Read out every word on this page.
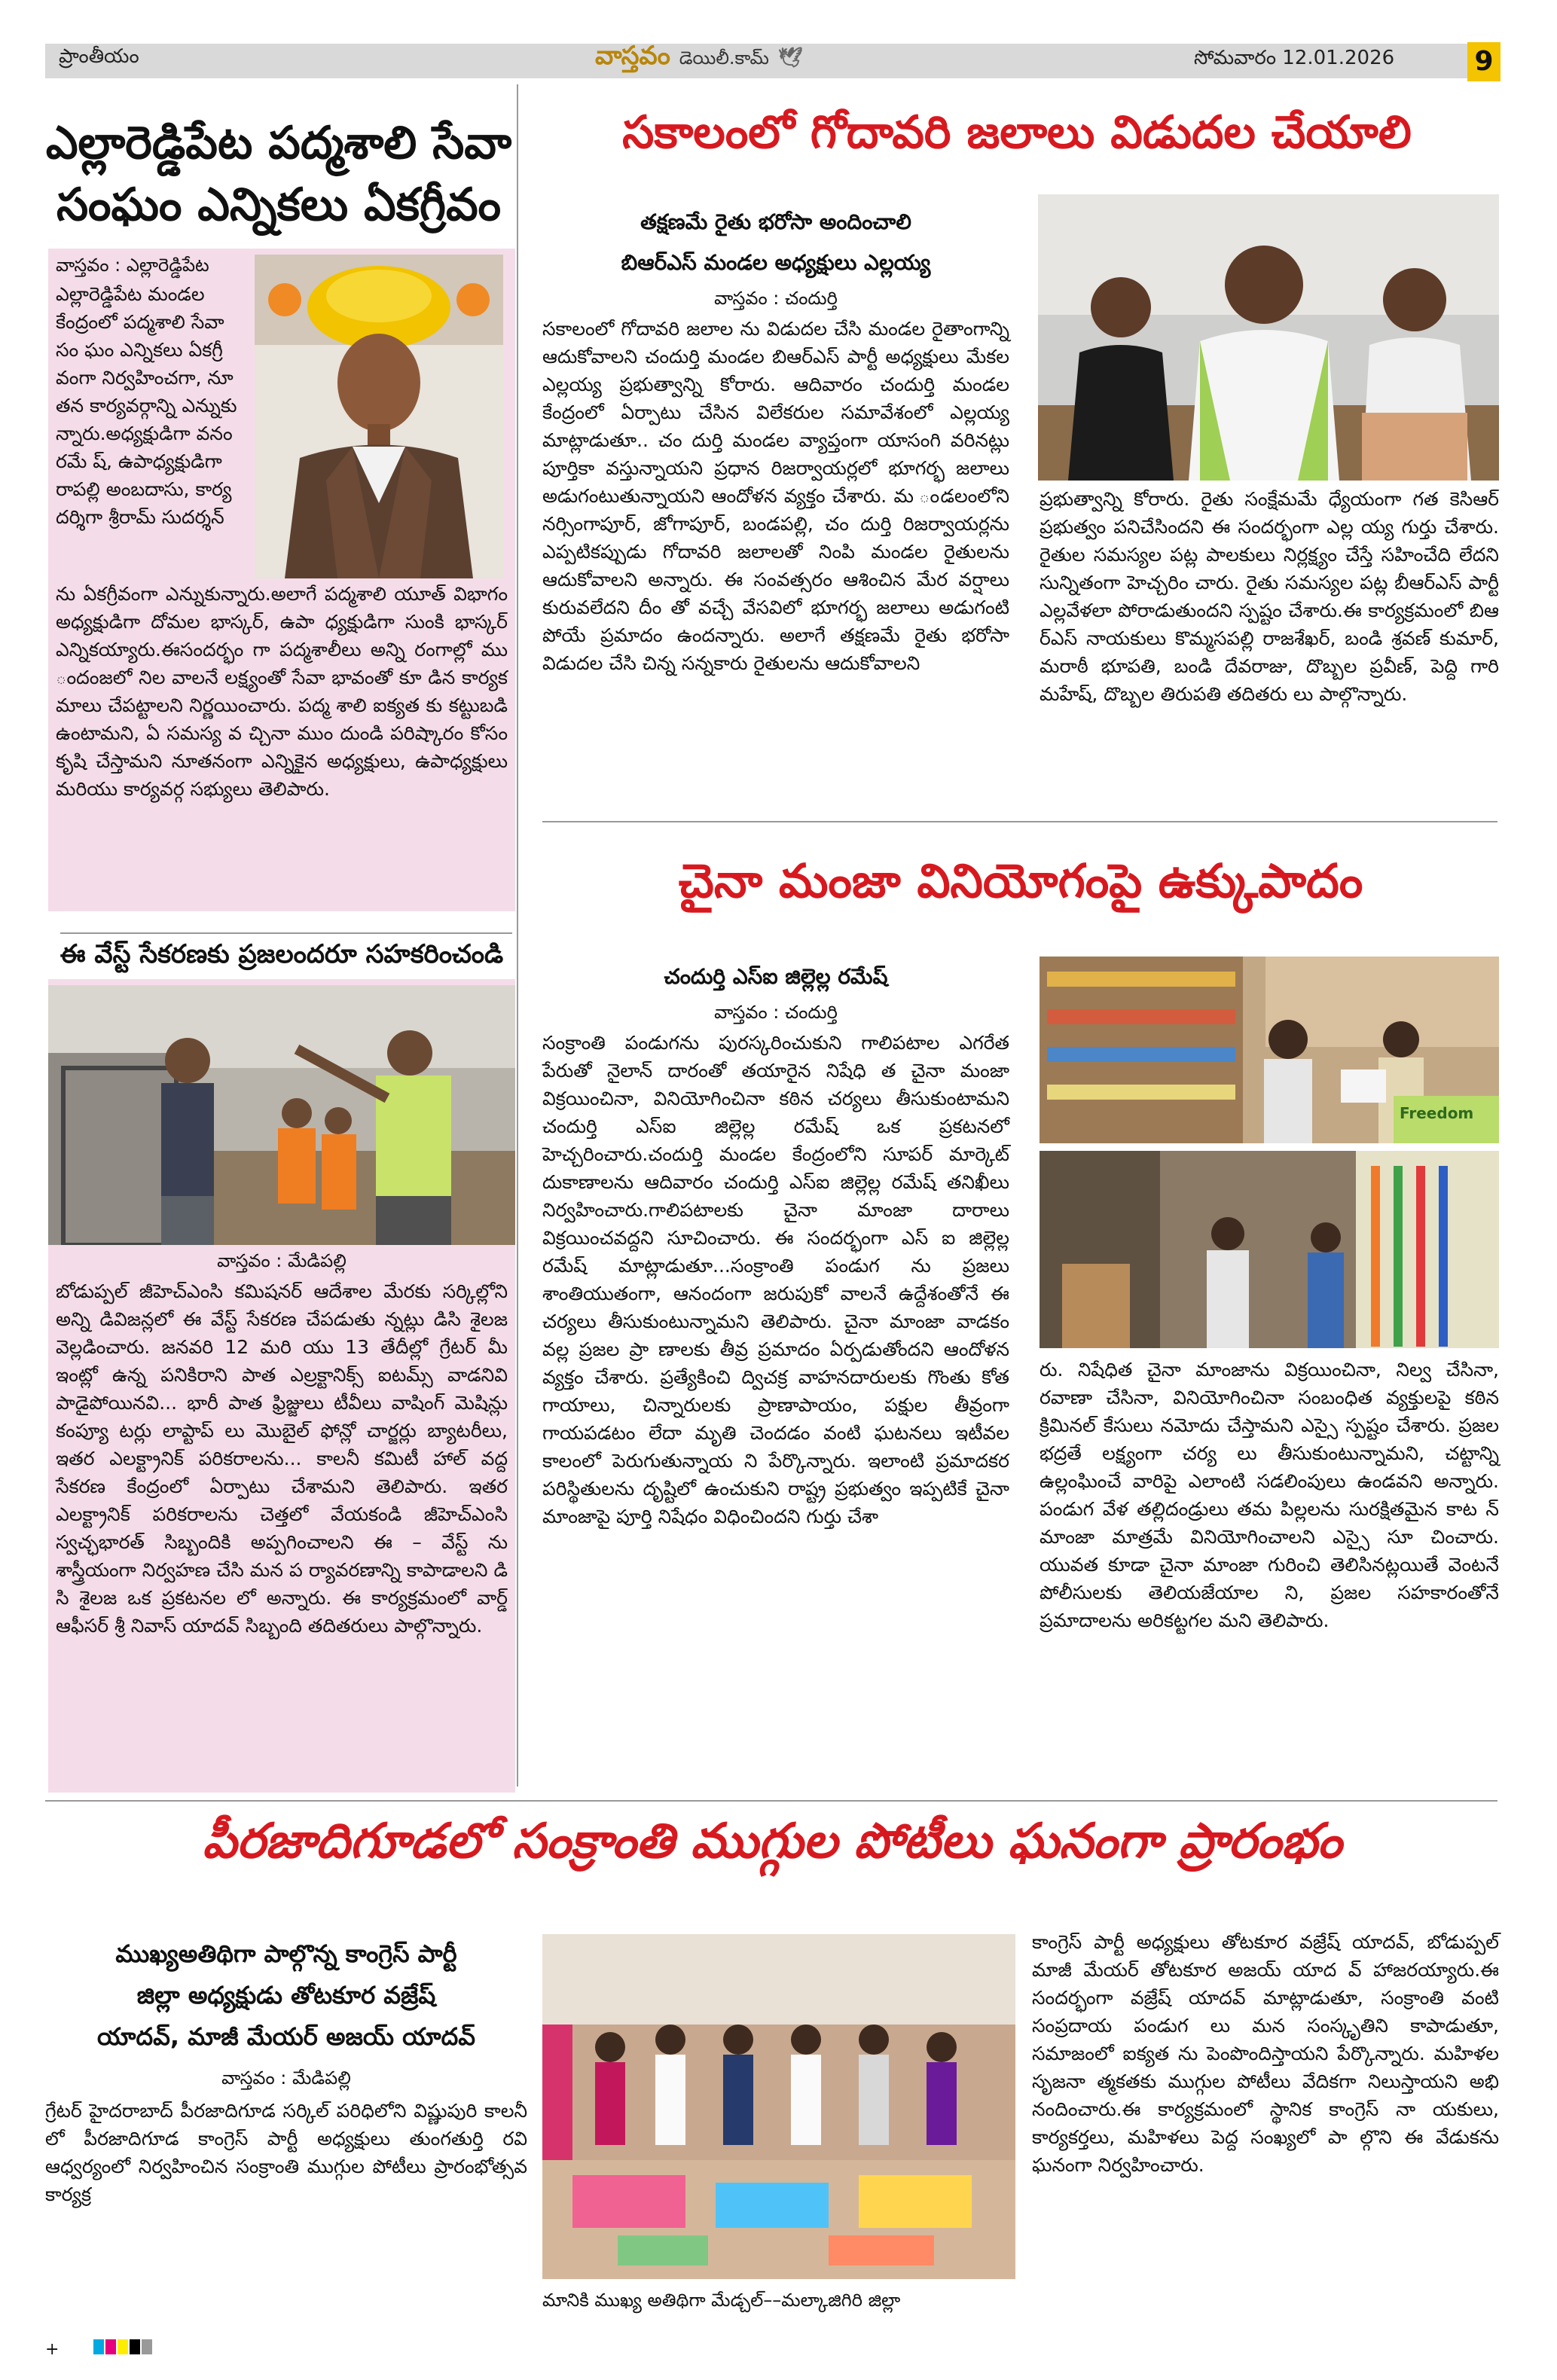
ప్రాంతీయం	వాస్తవం డెయిలీ.కామ్ 🕊	సోమవారం 12.01.2026	9
ఎల్లారెడ్డిపేట పద్మశాలి సేవా
సంఘం ఎన్నికలు ఏకగ్రీవం
వాస్తవం : ఎల్లారెడ్డిపేట
ఎల్లారెడ్డిపేట మండల కేంద్రంలో పద్మశాలి సేవా సం ఘం ఎన్నికలు ఏకగ్రీ వంగా నిర్వహించగా, నూ తన కార్యవర్గాన్ని ఎన్నుకు న్నారు.అధ్యక్షుడిగా వనం రమే ష్, ఉపాధ్యక్షుడిగా రాపల్లి అంబదాసు, కార్య దర్శిగా శ్రీరామ్ సుదర్శన్
ను ఏకగ్రీవంగా ఎన్నుకున్నారు.అలాగే పద్మశాలి యూత్ విభాగం అధ్యక్షుడిగా దోమల భాస్కర్, ఉపా ధ్యక్షుడిగా సుంకి భాస్కర్ ఎన్నికయ్యారు.ఈసందర్భం గా పద్మశాలీలు అన్ని రంగాల్లో ము ందంజలో నిల వాలనే లక్ష్యంతో సేవా భావంతో కూ డిన కార్యక మాలు చేపట్టాలని నిర్ణయించారు. పద్మ శాలి ఐక్యత కు కట్టుబడి ఉంటామని, ఏ సమస్య వ చ్చినా ముం దుండి పరిష్కారం కోసం కృషి చేస్తామని నూతనంగా ఎన్నికైన అధ్యక్షులు, ఉపాధ్యక్షులు మరియు కార్యవర్గ సభ్యులు తెలిపారు.
ఈ వేస్ట్ సేకరణకు ప్రజలందరూ సహకరించండి
వాస్తవం : మేడిపల్లి
బోడుప్పల్ జీహెచ్ఎంసి కమిషనర్ ఆదేశాల మేరకు సర్కిల్లోని అన్ని డివిజన్లలో ఈ వేస్ట్ సేకరణ చేపడుతు న్నట్లు డిసి శైలజ వెల్లడించారు. జనవరి 12 మరి యు 13 తేదీల్లో గ్రేటర్ మీ ఇంట్లో ఉన్న పనికిరాని పాత ఎల్రక్టానిక్స్ ఐటమ్స్ వాడనివి పాడైపోయినవి... భారీ పాత ఫ్రిజ్జులు టీవీలు వాషింగ్ మెషిన్లు కంప్యూ టర్లు లాప్టాప్ లు మొబైల్ ఫోన్లో చార్జర్లు బ్యాటరీలు, ఇతర ఎలక్ట్రానిక్ పరికరాలను... కాలనీ కమిటీ హాల్ వద్ద సేకరణ కేంద్రంలో ఏర్పాటు చేశామని తెలిపారు. ఇతర ఎలక్ట్రానిక్ పరికరాలను చెత్తలో వేయకండి జీహెచ్ఎంసి స్వచ్ఛభారత్ సిబ్బందికి అప్పగించాలని ఈ – వేస్ట్ ను శాస్త్రీయంగా నిర్వహణ చేసి మన ప ర్యావరణాన్ని కాపాడాలని డి సి శైలజ ఒక ప్రకటనల లో అన్నారు. ఈ కార్యక్రమంలో వార్డ్ ఆఫీసర్ శ్రీ నివాస్ యాదవ్ సిబ్బంది తదితరులు పాల్గొన్నారు.
సకాలంలో గోదావరి జలాలు విడుదల చేయాలి
తక్షణమే రైతు భరోసా అందించాలి
బిఆర్ఎస్ మండల అధ్యక్షులు ఎల్లయ్య
వాస్తవం : చందుర్తి
సకాలంలో గోదావరి జలాల ను విడుదల చేసి మండల రైతాంగాన్ని ఆదుకోవాలని చందుర్తి మండల బిఆర్ఎస్ పార్టీ అధ్యక్షులు మేకల ఎల్లయ్య ప్రభుత్వాన్ని కోరారు. ఆదివారం చందుర్తి మండల కేంద్రంలో ఏర్పాటు చేసిన విలేకరుల సమావేశంలో ఎల్లయ్య మాట్లాడుతూ.. చం దుర్తి మండల వ్యాప్తంగా యాసంగి వరినట్లు పూర్తికా వస్తున్నాయని ప్రధాన రిజర్వాయర్లలో భూగర్భ జలాలు అడుగంటుతున్నాయని ఆందోళన వ్యక్తం చేశారు. మ ండలంలోని నర్సింగాపూర్, జోగాపూర్, బండపల్లి, చం దుర్తి రిజర్వాయర్లను ఎప్పటికప్పుడు గోదావరి జలాలతో నింపి మండల రైతులను ఆదుకోవాలని అన్నారు. ఈ సంవత్సరం ఆశించిన మేర వర్షాలు కురువలేదని దీం తో వచ్చే వేసవిలో భూగర్భ జలాలు అడుగంటి పోయే ప్రమాదం ఉందన్నారు. అలాగే తక్షణమే రైతు భరోసా విడుదల చేసి చిన్న సన్నకారు రైతులను ఆదుకోవాలని
ప్రభుత్వాన్ని కోరారు. రైతు సంక్షేమమే ధ్యేయంగా గత కెసిఆర్ ప్రభుత్వం పనిచేసిందని ఈ సందర్భంగా ఎల్ల య్య గుర్తు చేశారు. రైతుల సమస్యల పట్ల పాలకులు నిర్లక్ష్యం చేస్తే సహించేది లేదని సున్నితంగా హెచ్చరిం చారు. రైతు సమస్యల పట్ల బీఆర్ఎస్ పార్టీ ఎల్లవేళలా పోరాడుతుందని స్పష్టం చేశారు.ఈ కార్యక్రమంలో బిఆ ర్ఎస్ నాయకులు కొమ్మసపల్లి రాజశేఖర్, బండి శ్రవణ్ కుమార్, మరాఠీ భూపతి, బండి దేవరాజు, దొబ్బల ప్రవీణ్, పెద్ది గారి మహేష్, దొబ్బల తిరుపతి తదితరు లు పాల్గొన్నారు.
చైనా మంజా వినియోగంపై ఉక్కుపాదం
చందుర్తి ఎస్ఐ జిల్లెల్ల రమేష్
వాస్తవం : చందుర్తి
సంక్రాంతి పండుగను పురస్కరించుకుని గాలిపటాల ఎగరేత పేరుతో నైలాన్ దారంతో తయారైన నిషేధి త చైనా మంజా విక్రయించినా, వినియోగించినా కఠిన చర్యలు తీసుకుంటామని చందుర్తి ఎస్ఐ జిల్లెల్ల రమేష్ ఒక ప్రకటనలో హెచ్చరించారు.చందుర్తి మండల కేంద్రంలోని సూపర్ మార్కెట్ దుకాణాలను ఆదివారం చందుర్తి ఎస్ఐ జిల్లెల్ల రమేష్ తనిఖీలు నిర్వహించారు.గాలిపటాలకు చైనా మాంజా దారాలు విక్రయించవద్దని సూచించారు. ఈ సందర్భంగా ఎస్ ఐ జిల్లెల్ల రమేష్ మాట్లాడుతూ...సంక్రాంతి పండుగ ను ప్రజలు శాంతియుతంగా, ఆనందంగా జరుపుకో వాలనే ఉద్దేశంతోనే ఈ చర్యలు తీసుకుంటున్నామని తెలిపారు. చైనా మాంజా వాడకం వల్ల ప్రజల ప్రా ణాలకు తీవ్ర ప్రమాదం ఏర్పడుతోందని ఆందోళన వ్యక్తం చేశారు. ప్రత్యేకించి ద్విచక్ర వాహనదారులకు గొంతు కోత గాయాలు, చిన్నారులకు ప్రాణాపాయం, పక్షుల తీవ్రంగా గాయపడటం లేదా మృతి చెందడం వంటి ఘటనలు ఇటీవల కాలంలో పెరుగుతున్నాయ ని పేర్కొన్నారు. ఇలాంటి ప్రమాదకర పరిస్థితులను దృష్టిలో ఉంచుకుని రాష్ట్ర ప్రభుత్వం ఇప్పటికే చైనా మాంజాపై పూర్తి నిషేధం విధించిందని గుర్తు చేశా
Freedom
రు. నిషేధిత చైనా మాంజాను విక్రయించినా, నిల్వ చేసినా, రవాణా చేసినా, వినియోగించినా సంబంధిత వ్యక్తులపై కఠిన క్రిమినల్ కేసులు నమోదు చేస్తామని ఎస్సై స్పష్టం చేశారు. ప్రజల భద్రతే లక్ష్యంగా చర్య లు తీసుకుంటున్నామని, చట్టాన్ని ఉల్లంఘించే వారిపై ఎలాంటి సడలింపులు ఉండవని అన్నారు. పండుగ వేళ తల్లిదండ్రులు తమ పిల్లలను సురక్షితమైన కాట న్ మాంజా మాత్రమే వినియోగించాలని ఎస్సై సూ చించారు. యువత కూడా చైనా మాంజా గురించి తెలిసినట్లయితే వెంటనే పోలీసులకు తెలియజేయాల ని, ప్రజల సహకారంతోనే ప్రమాదాలను అరికట్టగల మని తెలిపారు.
పీరజాదిగూడలో సంక్రాంతి ముగ్గుల పోటీలు ఘనంగా ప్రారంభం
ముఖ్యఅతిథిగా పాల్గొన్న కాంగ్రెస్ పార్టీ
జిల్లా అధ్యక్షుడు తోటకూర వజ్రేష్
యాదవ్, మాజీ మేయర్ అజయ్ యాదవ్
వాస్తవం : మేడిపల్లి
గ్రేటర్ హైదరాబాద్ పీరజాదిగూడ సర్కిల్ పరిధిలోని విష్ణుపురి కాలనీ లో పీరజాదిగూడ కాంగ్రెస్ పార్టీ అధ్యక్షులు తుంగతుర్తి రవి ఆధ్వర్యంలో నిర్వహించిన సంక్రాంతి ముగ్గుల పోటీలు ప్రారంభోత్సవ కార్యక్ర
మానికి ముఖ్య అతిథిగా మేడ్చల్––మల్కాజిగిరి జిల్లా
కాంగ్రెస్ పార్టీ అధ్యక్షులు తోటకూర వజ్రేష్ యాదవ్, బోడుప్పల్ మాజీ మేయర్ తోటకూర అజయ్ యాద వ్ హాజరయ్యారు.ఈ సందర్భంగా వజ్రేష్ యాదవ్ మాట్లాడుతూ, సంక్రాంతి వంటి సంప్రదాయ పండుగ లు మన సంస్కృతిని కాపాడుతూ, సమాజంలో ఐక్యత ను పెంపొందిస్తాయని పేర్కొన్నారు. మహిళల సృజనా త్మకతకు ముగ్గుల పోటీలు వేదికగా నిలుస్తాయని అభి నందించారు.ఈ కార్యక్రమంలో స్థానిక కాంగ్రెస్ నా యకులు, కార్యకర్తలు, మహిళలు పెద్ద సంఖ్యలో పా ల్గొని ఈ వేడుకను ఘనంగా నిర్వహించారు.
+
